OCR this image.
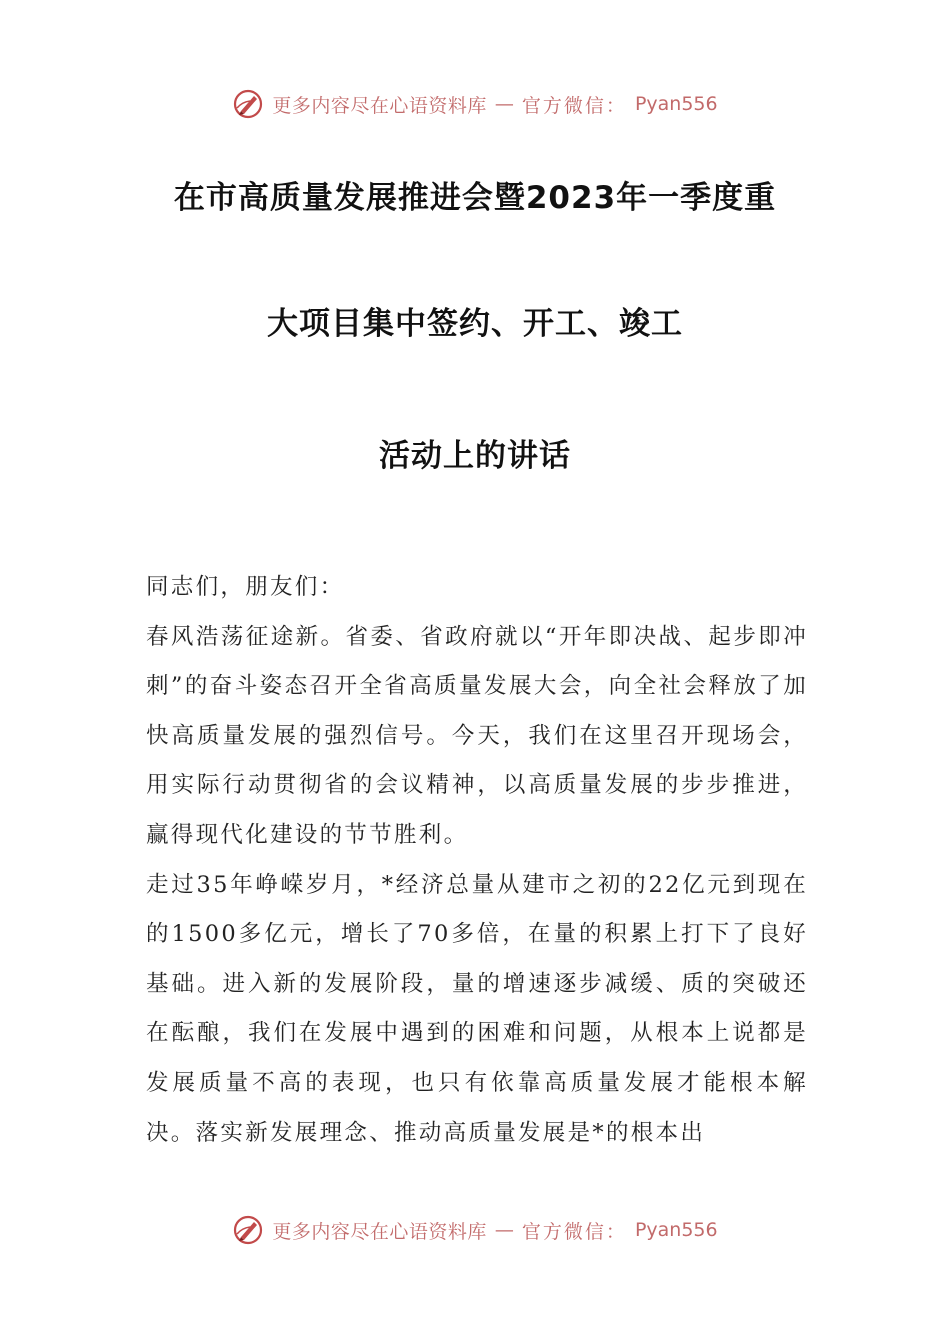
更多内容尽在心语资料库 — 官方微信： Pyan556
在市高质量发展推进会暨2023年一季度重
大项目集中签约、开工、竣工
活动上的讲话

同志们，朋友们：

春风浩荡征途新。省委、省政府就以“开年即决战、起步即冲刺”的奋斗姿态召开全省高质量发展大会，向全社会释放了加快高质量发展的强烈信号。今天，我们在这里召开现场会，用实际行动贯彻省的会议精神，以高质量发展的步步推进，赢得现代化建设的节节胜利。

走过35年峥嵘岁月，*经济总量从建市之初的22亿元到现在的1500多亿元，增长了70多倍，在量的积累上打下了良好基础。进入新的发展阶段，量的增速逐步减缓、质的突破还在酝酿，我们在发展中遇到的困难和问题，从根本上说都是发展质量不高的表现，也只有依靠高质量发展才能根本解决。落实新发展理念、推动高质量发展是*的根本出

更多内容尽在心语资料库 — 官方微信： Pyan556
